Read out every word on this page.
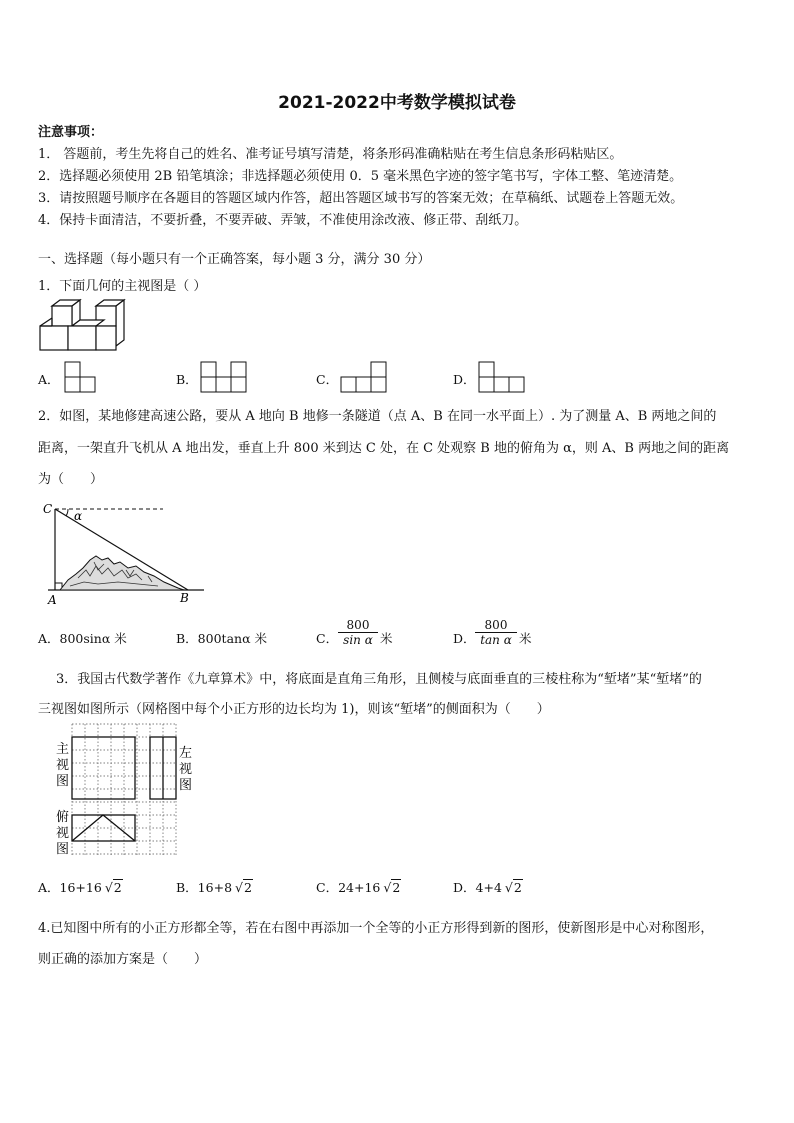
2021-2022中考数学模拟试卷
注意事项：
1． 答题前，考生先将自己的姓名、准考证号填写清楚，将条形码准确粘贴在考生信息条形码粘贴区。
2．选择题必须使用 2B 铅笔填涂；非选择题必须使用 0．5 毫米黑色字迹的签字笔书写，字体工整、笔迹清楚。
3．请按照题号顺序在各题目的答题区域内作答，超出答题区域书写的答案无效；在草稿纸、试题卷上答题无效。
4．保持卡面清洁，不要折叠，不要弄破、弄皱，不准使用涂改液、修正带、刮纸刀。
一、选择题（每小题只有一个正确答案，每小题 3 分，满分 30 分）
1．下面几何的主视图是（ ）
A．	B．	C．	D．
2．如图，某地修建高速公路，要从 A 地向 B 地修一条隧道（点 A、B 在同一水平面上）. 为了测量 A、B 两地之间的
距离，一架直升飞机从 A 地出发，垂直上升 800 米到达 C 处，在 C 处观察 B 地的俯角为 α，则 A、B 两地之间的距离
为（　　）
C α
A	B
A．800sinα 米	B．800tanα 米	C． $\frac{800}{\text{sin α}}$ 米	D． $\frac{800}{\text{tan α}}$ 米
3．我国古代数学著作《九章算术》中，将底面是直角三角形，且侧棱与底面垂直的三棱柱称为“堑堵”某“堑堵”的
三视图如图所示（网格图中每个小正方形的边长均为 1)，则该“堑堵”的侧面积为（　　）
主
视
图
左
视
图
俯
视
图
A．16+16 √2	B．16+8 √2	C．24+16 √2	D．4+4 √2
4.已知图中所有的小正方形都全等，若在右图中再添加一个全等的小正方形得到新的图形，使新图形是中心对称图形，
则正确的添加方案是（　　）
